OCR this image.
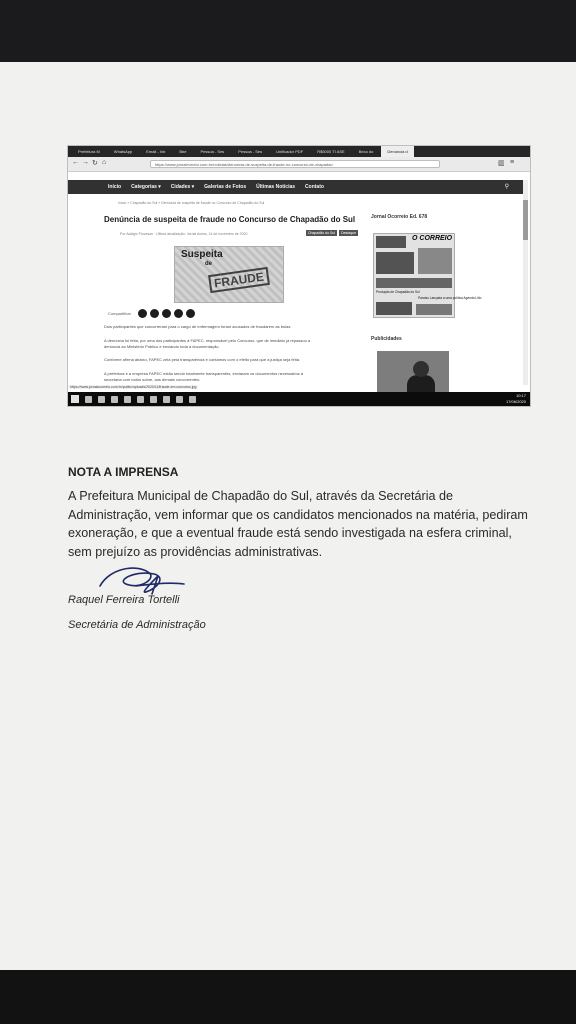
Prefeitura M	WhatsApp	Email - Inb	Bbe	Pessoa - Ses	Pessoa - Ses	Unificador PDF	R$5000 TI ASE	Beco do	Denúncia d
← → ↻ ⌂	https://www.jornaleorreio.com.br/noticias/denuncia-de-suspeita-de-fraude-no-concurso-de-chapadao	▥ ≡
Início Categorias ▾ Cidades ▾ Galerias de Fotos Últimas Notícias Contato	⚲
Início » Chapadão do Sul » Denúncia de suspeita de fraude no Concurso de Chapadão do Sul
Denúncia de suspeita de fraude no Concurso de Chapadão do Sul
Por Adalgiz Piovesan · Última atualização: Jornal Acess, 14 de novembro de 2020	Chapadão do Sul	Destaque
Suspeita
de
FRAUDE
Compartilhar
Dois participantes que concorreram para o cargo de enfermagem foram acusados de fraudarem as bulas.
A denúncia foi feita, por uma dos participantes à FAPEC, responsável pelo Concurso, que de imediato já repassou a
denúncia ao Ministério Público e enviando toda a documentação.
Conforme afirma abaixo, FAPEC zela pela transparência e contamos com o efeito para que a justiça seja feita.
A prefeitura e a empresa FAPEC estão sendo totalmente transparentes, enviaram os documentos necessários à
secretaria com todos sobre, aos demais concorrentes.
Jornal Ocorreio Ed. 678
O CORREIO
Produção de Chapadão do Sul
Paraíso Lançada a uma política Agenda Lítio
Publicidades
https://www.jornalocorreio.com.br/public/uploads/2020/11/fraude-em-concurso.jpg
10:17
17/06/2020
NOTA A IMPRENSA
A Prefeitura Municipal de Chapadão do Sul, através da Secretária de Administração, vem informar que os candidatos mencionados na matéria, pediram exoneração, e que a eventual fraude está sendo investigada na esfera criminal, sem prejuízo as providências administrativas.
Raquel Ferreira Tortelli
Secretária de Administração
